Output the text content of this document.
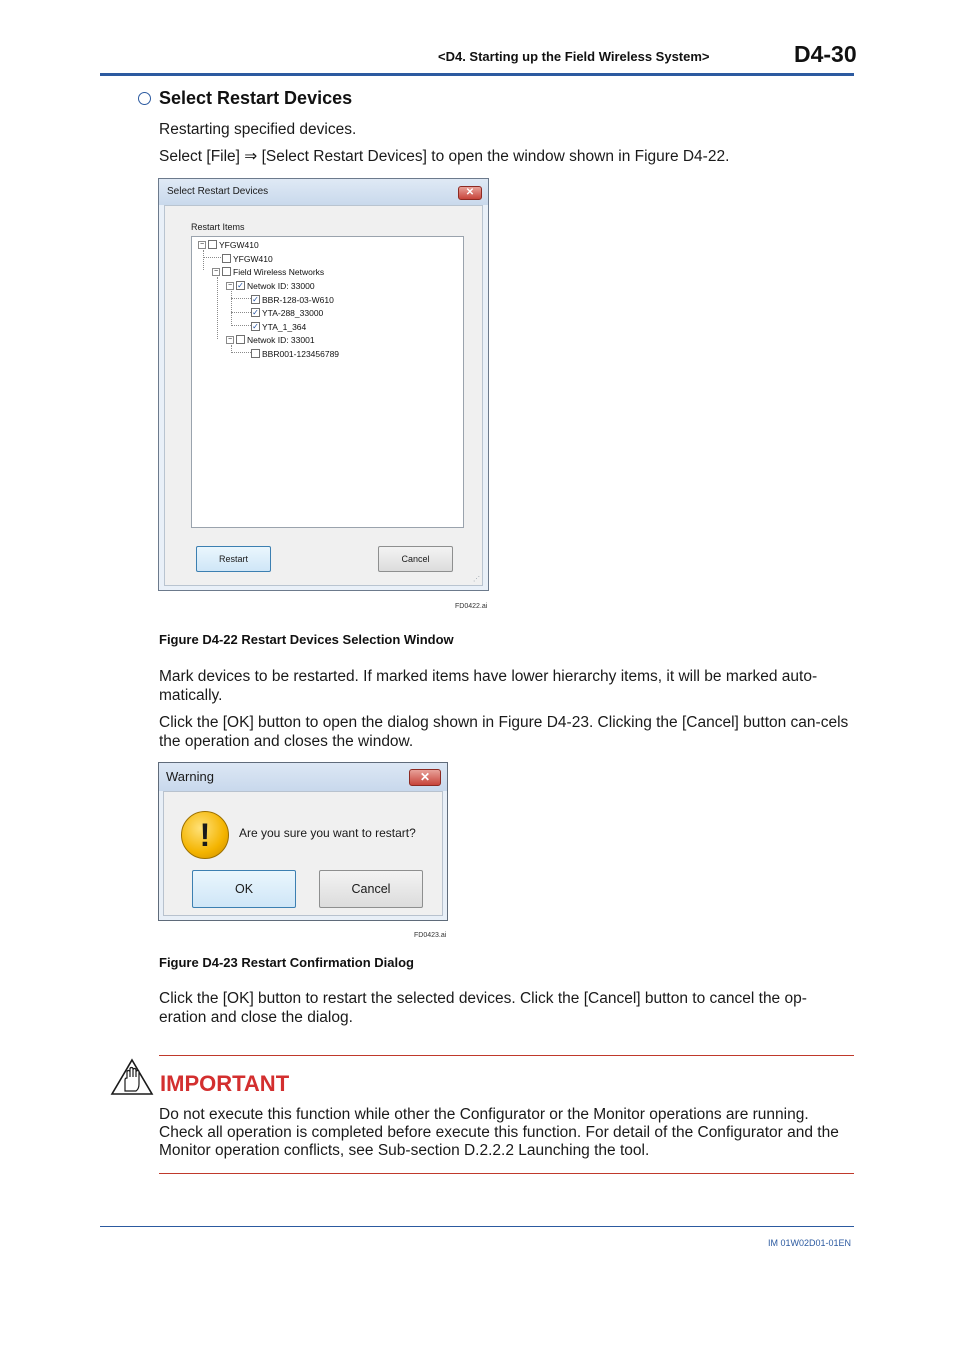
<D4. Starting up the Field Wireless System>	D4-30
Select Restart Devices
Restarting specified devices.
Select [File] ⇒ [Select Restart Devices] to open the window shown in Figure D4-22.
Select Restart Devices	✕
Restart Items
− YFGW410
YFGW410
− Field Wireless Networks
− ✓ Netwok ID: 33000
✓ BBR-128-03-W610
✓ YTA-288_33000
✓ YTA_1_364
− Netwok ID: 33001
BBR001-123456789
Restart	Cancel
⋰
FD0422.ai
Figure D4-22 Restart Devices Selection Window
Mark devices to be restarted. If marked items have lower hierarchy items, it will be marked auto-matically.
Click the [OK] button to open the dialog shown in Figure D4-23. Clicking the [Cancel] button can-cels the operation and closes the window.
Warning	✕
!	Are you sure you want to restart?
OK	Cancel
FD0423.ai
Figure D4-23 Restart Confirmation Dialog
Click the [OK] button to restart the selected devices. Click the [Cancel] button to cancel the op-eration and close the dialog.
IMPORTANT
Do not execute this function while other the Configurator or the Monitor operations are running. Check all operation is completed before execute this function. For detail of the Configurator and the Monitor operation conflicts, see Sub-section D.2.2.2 Launching the tool.
IM 01W02D01-01EN
